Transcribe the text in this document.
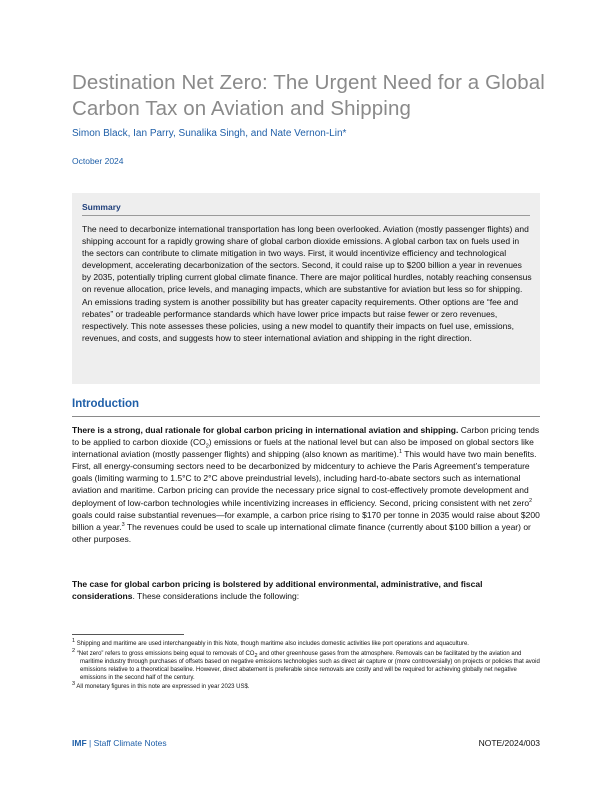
Destination Net Zero: The Urgent Need for a Global Carbon Tax on Aviation and Shipping
Simon Black, Ian Parry, Sunalika Singh, and Nate Vernon-Lin*
October 2024
Summary
The need to decarbonize international transportation has long been overlooked. Aviation (mostly passenger flights) and shipping account for a rapidly growing share of global carbon dioxide emissions. A global carbon tax on fuels used in the sectors can contribute to climate mitigation in two ways. First, it would incentivize efficiency and technological development, accelerating decarbonization of the sectors. Second, it could raise up to $200 billion a year in revenues by 2035, potentially tripling current global climate finance. There are major political hurdles, notably reaching consensus on revenue allocation, price levels, and managing impacts, which are substantive for aviation but less so for shipping. An emissions trading system is another possibility but has greater capacity requirements. Other options are “fee and rebates” or tradeable performance standards which have lower price impacts but raise fewer or zero revenues, respectively. This note assesses these policies, using a new model to quantify their impacts on fuel use, emissions, revenues, and costs, and suggests how to steer international aviation and shipping in the right direction.
Introduction
There is a strong, dual rationale for global carbon pricing in international aviation and shipping. Carbon pricing tends to be applied to carbon dioxide $(CO_2)$ emissions or fuels at the national level but can also be imposed on global sectors like international aviation (mostly passenger flights) and shipping (also known as maritime).$^1$ This would have two main benefits. First, all energy-consuming sectors need to be decarbonized by midcentury to achieve the Paris Agreement’s temperature goals (limiting warming to 1.5°C to 2°C above preindustrial levels), including hard-to-abate sectors such as international aviation and maritime. Carbon pricing can provide the necessary price signal to cost-effectively promote development and deployment of low-carbon technologies while incentivizing increases in efficiency. Second, pricing consistent with net zero$^2$ goals could raise substantial revenues—for example, a carbon price rising to $170 per tonne in 2035 would raise about $200 billion a year.$^3$ The revenues could be used to scale up international climate finance (currently about $100 billion a year) or other purposes.
The case for global carbon pricing is bolstered by additional environmental, administrative, and fiscal considerations. These considerations include the following:
$^1$ Shipping and maritime are used interchangeably in this Note, though maritime also includes domestic activities like port operations and aquaculture.
$^2$ “Net zero” refers to gross emissions being equal to removals of $CO_2$ and other greenhouse gases from the atmosphere. Removals can be facilitated by the aviation and maritime industry through purchases of offsets based on negative emissions technologies such as direct air capture or (more controversially) on projects or policies that avoid emissions relative to a theoretical baseline. However, direct abatement is preferable since removals are costly and will be required for achieving globally net negative emissions in the second half of the century.
$^3$ All monetary figures in this note are expressed in year 2023 US$.
IMF | Staff Climate Notes	NOTE/2024/003
